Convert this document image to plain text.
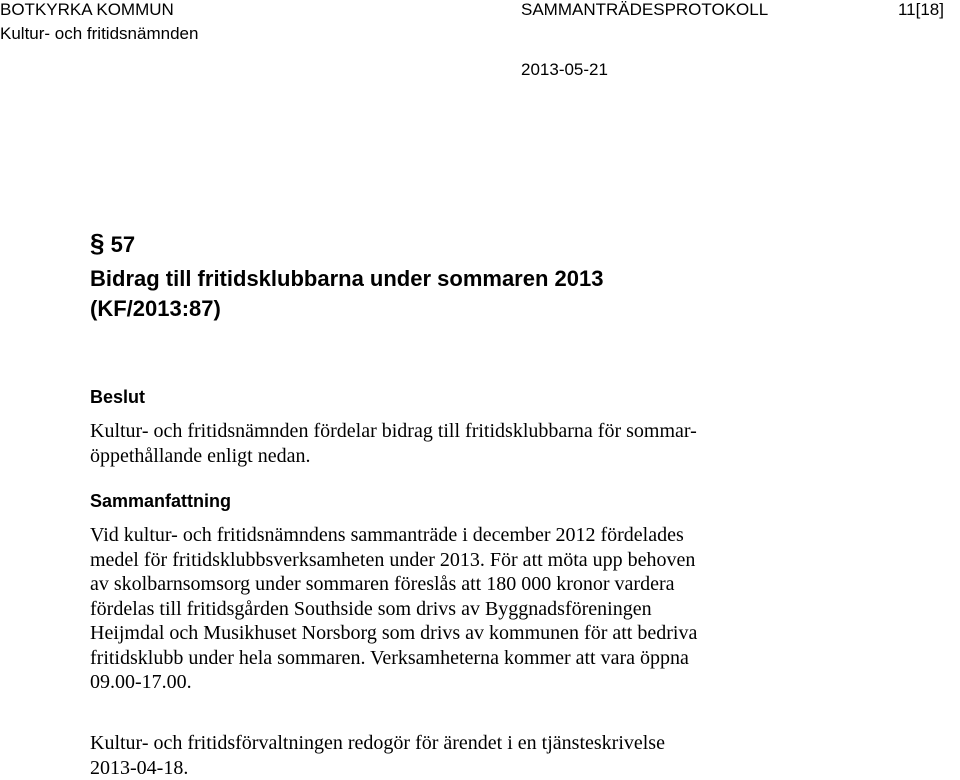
BOTKYRKA KOMMUN
Kultur- och fritidsnämnden
SAMMANTRÄDESPROTOKOLL	11[18]
2013-05-21
§ 57
Bidrag till fritidsklubbarna under sommaren 2013
(KF/2013:87)
Beslut
Kultur- och fritidsnämnden fördelar bidrag till fritidsklubbarna för sommar-
öppethållande enligt nedan.
Sammanfattning
Vid kultur- och fritidsnämndens sammanträde i december 2012 fördelades
medel för fritidsklubbsverksamheten under 2013. För att möta upp behoven
av skolbarnsomsorg under sommaren föreslås att 180 000 kronor vardera
fördelas till fritidsgården Southside som drivs av Byggnadsföreningen
Heijmdal och Musikhuset Norsborg som drivs av kommunen för att bedriva
fritidsklubb under hela sommaren. Verksamheterna kommer att vara öppna
09.00-17.00.
Kultur- och fritidsförvaltningen redogör för ärendet i en tjänsteskrivelse
2013-04-18.
